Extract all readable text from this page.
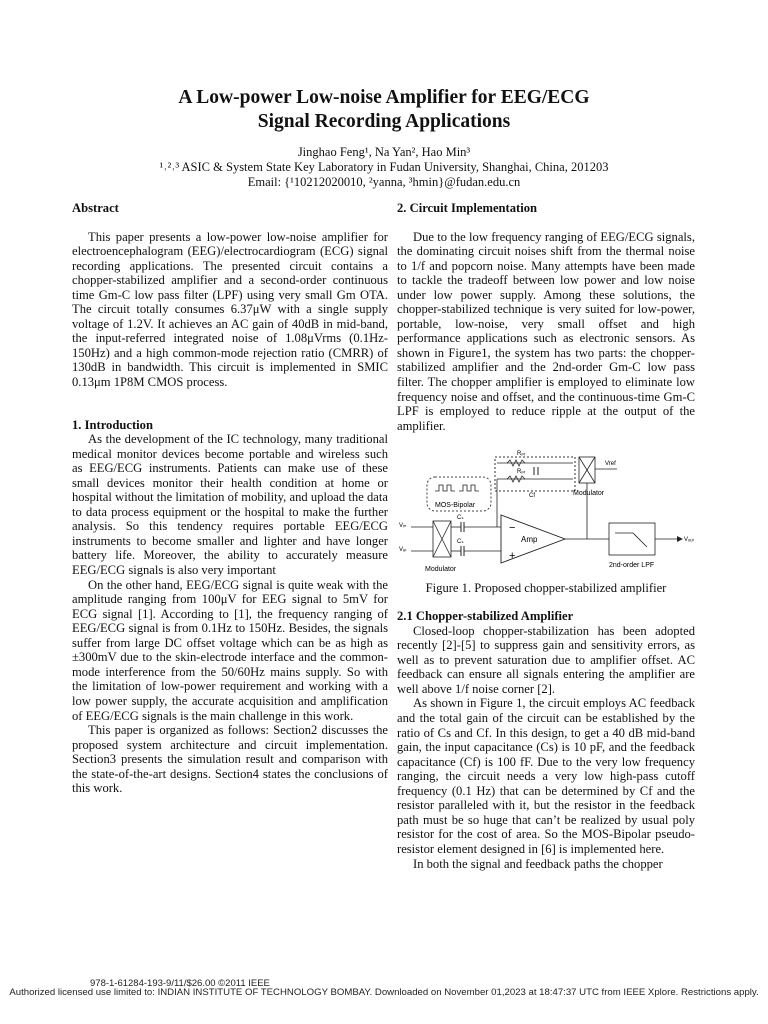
A Low-power Low-noise Amplifier for EEG/ECG
Signal Recording Applications
Jinghao Feng¹, Na Yan², Hao Min³
¹˒²˒³ ASIC & System State Key Laboratory in Fudan University, Shanghai, China, 201203
Email: {¹10212020010, ²yanna, ³hmin}@fudan.edu.cn

Abstract

This paper presents a low-power low-noise amplifier for electroencephalogram (EEG)/electrocardiogram (ECG) signal recording applications. The presented circuit contains a chopper-stabilized amplifier and a second-order continuous time Gm-C low pass filter (LPF) using very small Gm OTA. The circuit totally consumes 6.37μW with a single supply voltage of 1.2V. It achieves an AC gain of 40dB in mid-band, the input-referred integrated noise of 1.08μVrms (0.1Hz-150Hz) and a high common-mode rejection ratio (CMRR) of 130dB in bandwidth. This circuit is implemented in SMIC 0.13μm 1P8M CMOS process.

1. Introduction

As the development of the IC technology, many traditional medical monitor devices become portable and wireless such as EEG/ECG instruments. Patients can make use of these small devices monitor their health condition at home or hospital without the limitation of mobility, and upload the data to data process equipment or the hospital to make the further analysis. So this tendency requires portable EEG/ECG instruments to become smaller and lighter and have longer battery life. Moreover, the ability to accurately measure EEG/ECG signals is also very important

On the other hand, EEG/ECG signal is quite weak with the amplitude ranging from 100μV for EEG signal to 5mV for ECG signal [1]. According to [1], the frequency ranging of EEG/ECG signal is from 0.1Hz to 150Hz. Besides, the signals suffer from large DC offset voltage which can be as high as ±300mV due to the skin-electrode interface and the common-mode interference from the 50/60Hz mains supply. So with the limitation of low-power requirement and working with a low power supply, the accurate acquisition and amplification of EEG/ECG signals is the main challenge in this work.

This paper is organized as follows: Section2 discusses the proposed system architecture and circuit implementation. Section3 presents the simulation result and comparison with the state-of-the-art designs. Section4 states the conclusions of this work.

2. Circuit Implementation

Due to the low frequency ranging of EEG/ECG signals, the dominating circuit noises shift from the thermal noise to 1/f and popcorn noise. Many attempts have been made to tackle the tradeoff between low power and low noise under low power supply. Among these solutions, the chopper-stabilized technique is very suited for low-power, portable, low-noise, very small offset and high performance applications such as electronic sensors. As shown in Figure1, the system has two parts: the chopper-stabilized amplifier and the 2nd-order Gm-C low pass filter. The chopper amplifier is employed to eliminate low frequency noise and offset, and the continuous-time Gm-C LPF is employed to reduce ripple at the output of the amplifier.

MOS-Bipolar
Rₚᵣ
Rₚᵣ
Cf	Modulator
Vref
Modulator
Vᵢₙ
Vᵢₚ
Cₛ
Cₛ
−
+
Amp
2nd-order LPF
Vₒᵤₜ
Figure 1. Proposed chopper-stabilized amplifier

2.1 Chopper-stabilized Amplifier

Closed-loop chopper-stabilization has been adopted recently [2]-[5] to suppress gain and sensitivity errors, as well as to prevent saturation due to amplifier offset. AC feedback can ensure all signals entering the amplifier are well above 1/f noise corner [2].

As shown in Figure 1, the circuit employs AC feedback and the total gain of the circuit can be established by the ratio of Cs and Cf. In this design, to get a 40 dB mid-band gain, the input capacitance (Cs) is 10 pF, and the feedback capacitance (Cf) is 100 fF. Due to the very low frequency ranging, the circuit needs a very low high-pass cutoff frequency (0.1 Hz) that can be determined by Cf and the resistor paralleled with it, but the resistor in the feedback path must be so huge that can’t be realized by usual poly resistor for the cost of area. So the MOS-Bipolar pseudo-resistor element designed in [6] is implemented here.

In both the signal and feedback paths the chopper

978-1-61284-193-9/11/$26.00 ©2011 IEEE
Authorized licensed use limited to: INDIAN INSTITUTE OF TECHNOLOGY BOMBAY. Downloaded on November 01,2023 at 18:47:37 UTC from IEEE Xplore. Restrictions apply.
